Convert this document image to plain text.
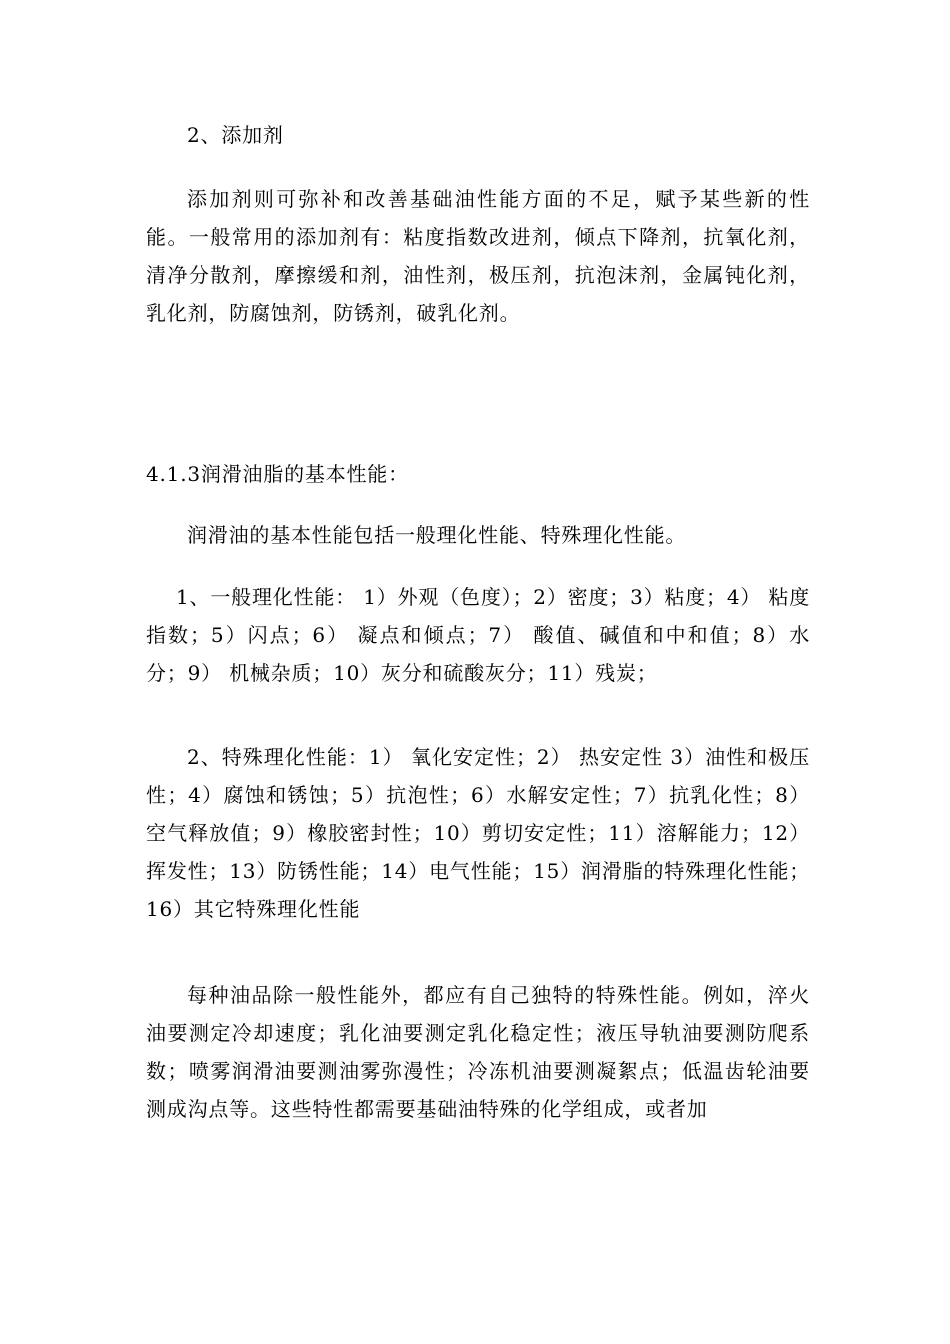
2、添加剂

添加剂则可弥补和改善基础油性能方面的不足，赋予某些新的性能。一般常用的添加剂有：粘度指数改进剂，倾点下降剂，抗氧化剂，清净分散剂，摩擦缓和剂，油性剂，极压剂，抗泡沫剂，金属钝化剂，乳化剂，防腐蚀剂，防锈剂，破乳化剂。

4.1.3润滑油脂的基本性能：

润滑油的基本性能包括一般理化性能、特殊理化性能。

1、一般理化性能： 1）外观（色度）；2）密度；3）粘度；4） 粘度指数；5）闪点；6） 凝点和倾点；7） 酸值、碱值和中和值；8）水分；9） 机械杂质；10）灰分和硫酸灰分；11）残炭；

2、特殊理化性能：1） 氧化安定性；2） 热安定性 3）油性和极压性；4）腐蚀和锈蚀；5）抗泡性；6）水解安定性；7）抗乳化性；8）空气释放值；9）橡胶密封性；10）剪切安定性；11）溶解能力；12）挥发性；13）防锈性能；14）电气性能；15）润滑脂的特殊理化性能；16）其它特殊理化性能

每种油品除一般性能外，都应有自己独特的特殊性能。例如，淬火油要测定冷却速度；乳化油要测定乳化稳定性；液压导轨油要测防爬系数；喷雾润滑油要测油雾弥漫性；冷冻机油要测凝絮点；低温齿轮油要测成沟点等。这些特性都需要基础油特殊的化学组成，或者加
